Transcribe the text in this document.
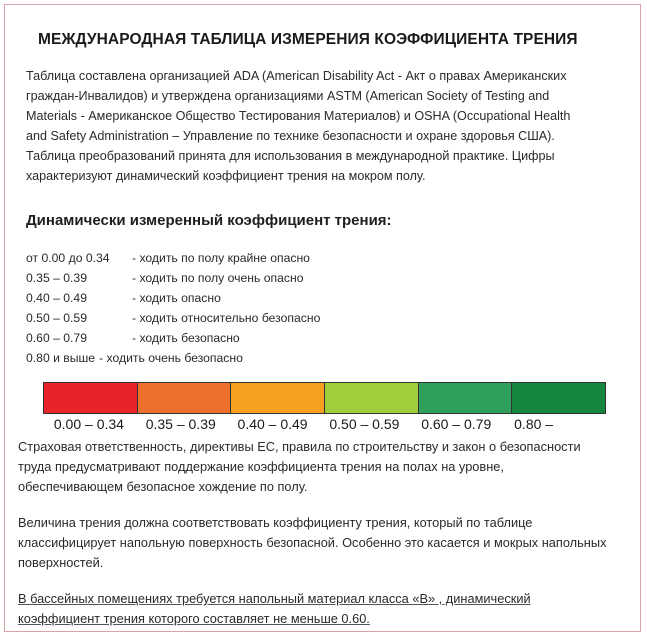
МЕЖДУНАРОДНАЯ ТАБЛИЦА ИЗМЕРЕНИЯ КОЭФФИЦИЕНТА ТРЕНИЯ

Таблица составлена организацией ADA (American Disability Act - Акт о правах Американских

граждан-Инвалидов) и утверждена организациями ASTM (American Society of Testing and

Materials - Американское Общество Тестирования Материалов) и OSHA (Occupational Health

and Safety Administration – Управление по технике безопасности и охране здоровья США).

Таблица преобразований принята для использования в международной практике. Цифры

характеризуют динамический коэффициент трения на мокром полу.

Динамически измеренный коэффициент трения:
от 0.00 до 0.34 - ходить по полу крайне опасно
0.35 – 0.39	- ходить по полу очень опасно
0.40 – 0.49	- ходить опасно
0.50 – 0.59	- ходить относительно безопасно
0.60 – 0.79	- ходить безопасно
0.80 и выше - ходить очень безопасно
0.00 – 0.34	0.35 – 0.39	0.40 – 0.49	0.50 – 0.59	0.60 – 0.79	0.80 –

Страховая ответственность, директивы ЕС, правила по строительству и закон о безопасности труда предусматривают поддержание коэффициента трения на полах на уровне, обеспечивающем безопасное хождение по полу.

Величина трения должна соответствовать коэффициенту трения, который по таблице классифицирует напольную поверхность безопасной. Особенно это касается и мокрых напольных поверхностей.

В бассейных помещениях требуется напольный материал класса «В» , динамический коэффициент трения которого составляет не меньше 0.60.
